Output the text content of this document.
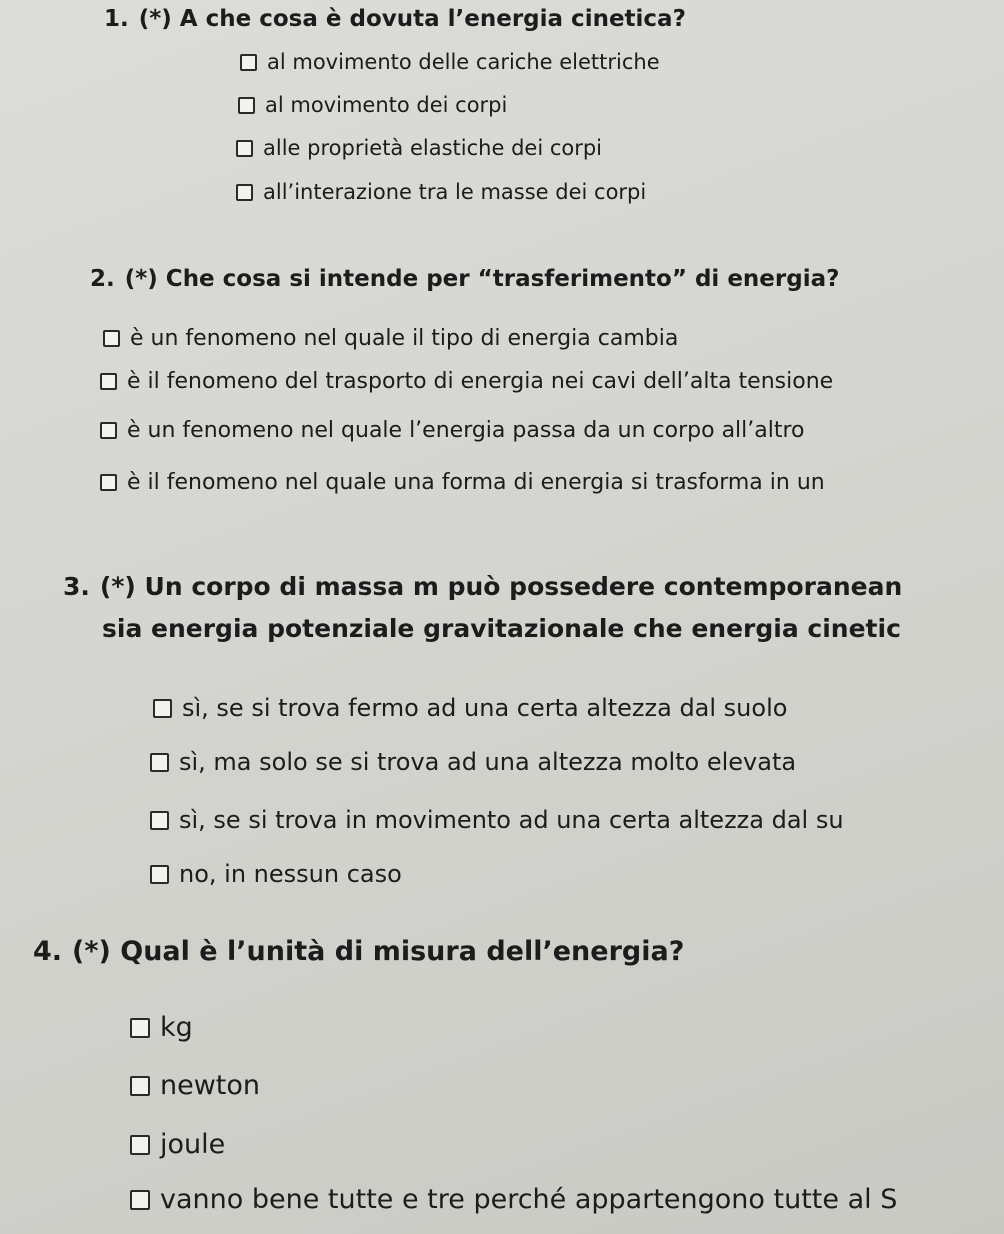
1. (*) A che cosa è dovuta l’energia cinetica?
al movimento delle cariche elettriche
al movimento dei corpi
alle proprietà elastiche dei corpi
all’interazione tra le masse dei corpi
2. (*) Che cosa si intende per “trasferimento” di energia?
è un fenomeno nel quale il tipo di energia cambia
è il fenomeno del trasporto di energia nei cavi dell’alta tensione
è un fenomeno nel quale l’energia passa da un corpo all’altro
è il fenomeno nel quale una forma di energia si trasforma in un
3. (*) Un corpo di massa m può possedere contemporanean
sia energia potenziale gravitazionale che energia cinetic
sì, se si trova fermo ad una certa altezza dal suolo
sì, ma solo se si trova ad una altezza molto elevata
sì, se si trova in movimento ad una certa altezza dal su
no, in nessun caso
4. (*) Qual è l’unità di misura dell’energia?
kg
newton
joule
vanno bene tutte e tre perché appartengono tutte al S
